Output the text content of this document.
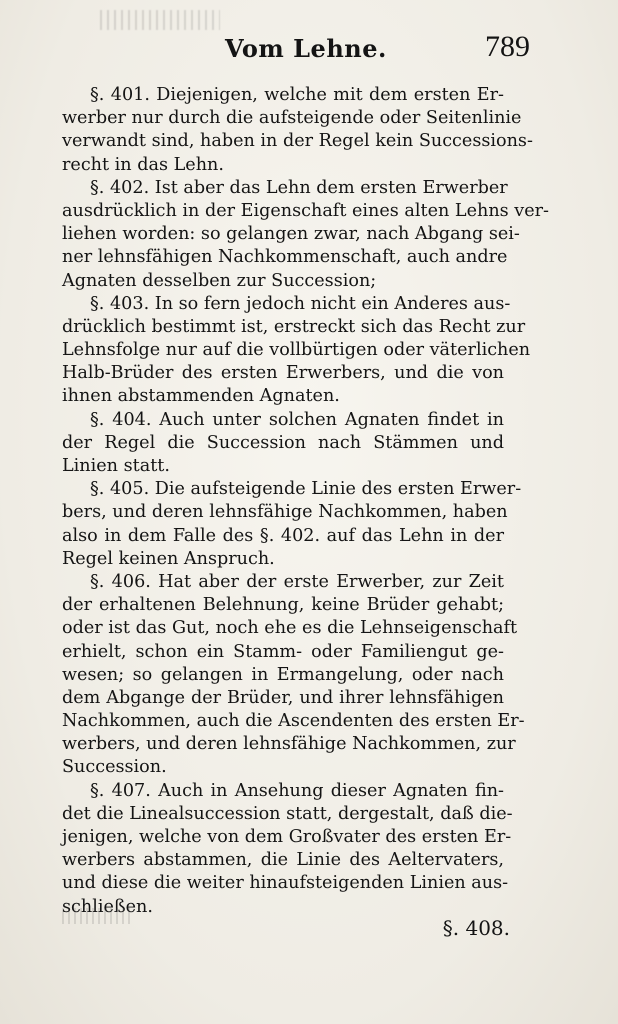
Vom Lehne.	789
§. 401. Diejenigen, welche mit dem ersten Er-
werber nur durch die aufsteigende oder Seitenlinie
verwandt sind, haben in der Regel kein Successions-
recht in das Lehn.
§. 402. Ist aber das Lehn dem ersten Erwerber
ausdrücklich in der Eigenschaft eines alten Lehns ver-
liehen worden: so gelangen zwar, nach Abgang sei-
ner lehnsfähigen Nachkommenschaft, auch andre
Agnaten desselben zur Succession;
§. 403. In so fern jedoch nicht ein Anderes aus-
drücklich bestimmt ist, erstreckt sich das Recht zur
Lehnsfolge nur auf die vollbürtigen oder väterlichen
Halb-Brüder des ersten Erwerbers, und die von
ihnen abstammenden Agnaten.
§. 404. Auch unter solchen Agnaten findet in
der Regel die Succession nach Stämmen und
Linien statt.
§. 405. Die aufsteigende Linie des ersten Erwer-
bers, und deren lehnsfähige Nachkommen, haben
also in dem Falle des §. 402. auf das Lehn in der
Regel keinen Anspruch.
§. 406. Hat aber der erste Erwerber, zur Zeit
der erhaltenen Belehnung, keine Brüder gehabt;
oder ist das Gut, noch ehe es die Lehnseigenschaft
erhielt, schon ein Stamm- oder Familiengut ge-
wesen; so gelangen in Ermangelung, oder nach
dem Abgange der Brüder, und ihrer lehnsfähigen
Nachkommen, auch die Ascendenten des ersten Er-
werbers, und deren lehnsfähige Nachkommen, zur
Succession.
§. 407. Auch in Ansehung dieser Agnaten fin-
det die Linealsuccession statt, dergestalt, daß die-
jenigen, welche von dem Großvater des ersten Er-
werbers abstammen, die Linie des Aeltervaters,
und diese die weiter hinaufsteigenden Linien aus-
schließen.
§. 408.
